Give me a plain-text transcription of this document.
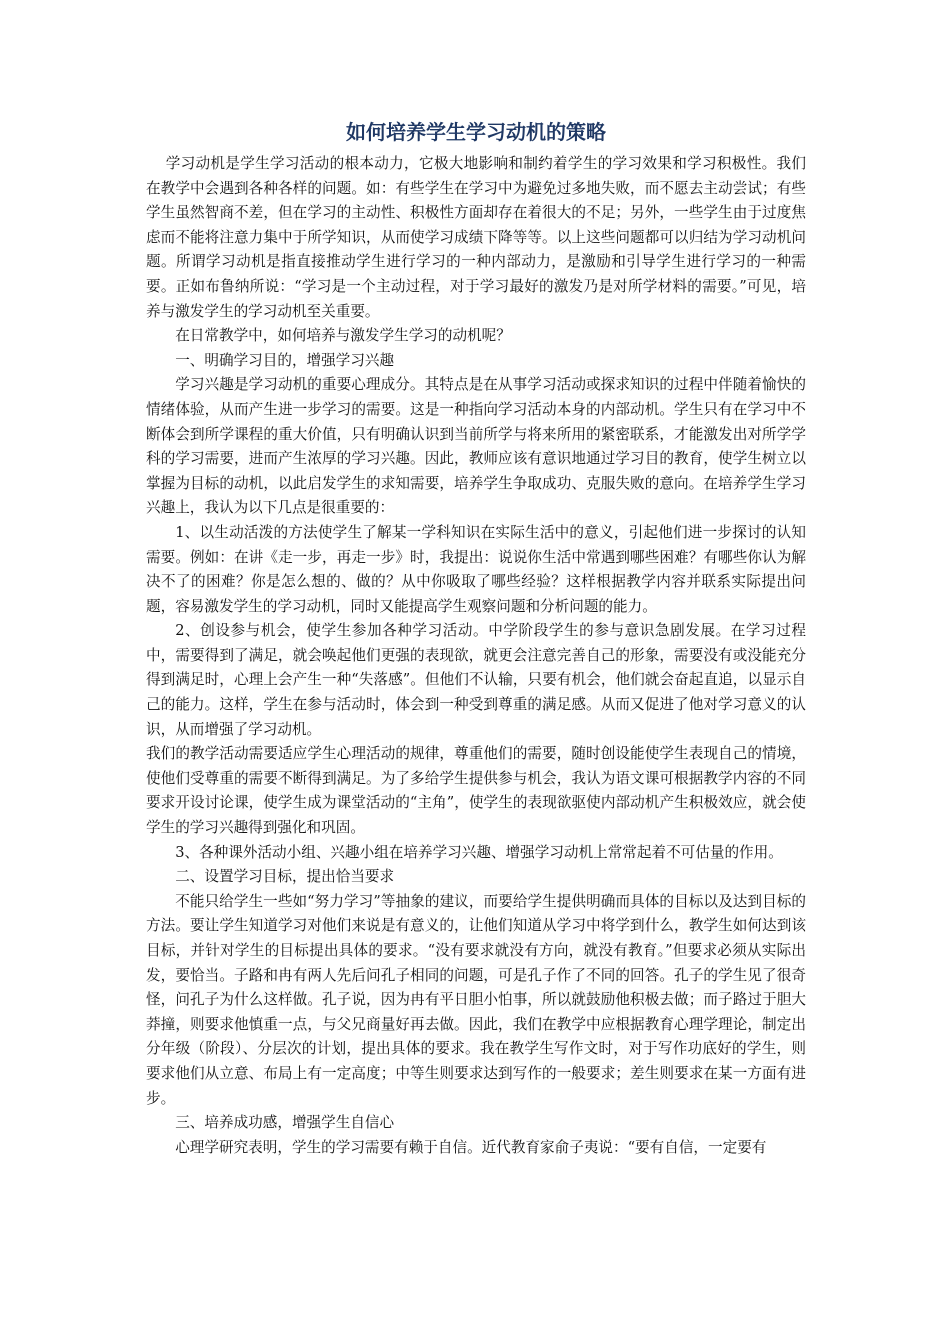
如何培养学生学习动机的策略

学习动机是学生学习活动的根本动力，它极大地影响和制约着学生的学习效果和学习积极性。我们在教学中会遇到各种各样的问题。如：有些学生在学习中为避免过多地失败，而不愿去主动尝试；有些学生虽然智商不差，但在学习的主动性、积极性方面却存在着很大的不足；另外，一些学生由于过度焦虑而不能将注意力集中于所学知识，从而使学习成绩下降等等。以上这些问题都可以归结为学习动机问题。所谓学习动机是指直接推动学生进行学习的一种内部动力，是激励和引导学生进行学习的一种需要。正如布鲁纳所说：“学习是一个主动过程，对于学习最好的激发乃是对所学材料的需要。”可见，培养与激发学生的学习动机至关重要。

在日常教学中，如何培养与激发学生学习的动机呢？

一、明确学习目的，增强学习兴趣

学习兴趣是学习动机的重要心理成分。其特点是在从事学习活动或探求知识的过程中伴随着愉快的情绪体验，从而产生进一步学习的需要。这是一种指向学习活动本身的内部动机。学生只有在学习中不断体会到所学课程的重大价值，只有明确认识到当前所学与将来所用的紧密联系，才能激发出对所学学科的学习需要，进而产生浓厚的学习兴趣。因此，教师应该有意识地通过学习目的教育，使学生树立以掌握为目标的动机，以此启发学生的求知需要，培养学生争取成功、克服失败的意向。在培养学生学习兴趣上，我认为以下几点是很重要的：

1、以生动活泼的方法使学生了解某一学科知识在实际生活中的意义，引起他们进一步探讨的认知需要。例如：在讲《走一步，再走一步》时，我提出：说说你生活中常遇到哪些困难？有哪些你认为解决不了的困难？你是怎么想的、做的？从中你吸取了哪些经验？这样根据教学内容并联系实际提出问题，容易激发学生的学习动机，同时又能提高学生观察问题和分析问题的能力。

2、创设参与机会，使学生参加各种学习活动。中学阶段学生的参与意识急剧发展。在学习过程中，需要得到了满足，就会唤起他们更强的表现欲，就更会注意完善自己的形象，需要没有或没能充分得到满足时，心理上会产生一种“失落感”。但他们不认输，只要有机会，他们就会奋起直追，以显示自己的能力。这样，学生在参与活动时，体会到一种受到尊重的满足感。从而又促进了他对学习意义的认识，从而增强了学习动机。

我们的教学活动需要适应学生心理活动的规律，尊重他们的需要，随时创设能使学生表现自己的情境，使他们受尊重的需要不断得到满足。为了多给学生提供参与机会，我认为语文课可根据教学内容的不同要求开设讨论课，使学生成为课堂活动的“主角”，使学生的表现欲驱使内部动机产生积极效应，就会使学生的学习兴趣得到强化和巩固。

3、各种课外活动小组、兴趣小组在培养学习兴趣、增强学习动机上常常起着不可估量的作用。

二、设置学习目标，提出恰当要求

不能只给学生一些如“努力学习”等抽象的建议，而要给学生提供明确而具体的目标以及达到目标的方法。要让学生知道学习对他们来说是有意义的，让他们知道从学习中将学到什么，教学生如何达到该目标，并针对学生的目标提出具体的要求。“没有要求就没有方向，就没有教育。”但要求必须从实际出发，要恰当。子路和冉有两人先后问孔子相同的问题，可是孔子作了不同的回答。孔子的学生见了很奇怪，问孔子为什么这样做。孔子说，因为冉有平日胆小怕事，所以就鼓励他积极去做；而子路过于胆大莽撞，则要求他慎重一点，与父兄商量好再去做。因此，我们在教学中应根据教育心理学理论，制定出分年级（阶段）、分层次的计划，提出具体的要求。我在教学生写作文时，对于写作功底好的学生，则要求他们从立意、布局上有一定高度；中等生则要求达到写作的一般要求；差生则要求在某一方面有进步。

三、培养成功感，增强学生自信心

心理学研究表明，学生的学习需要有赖于自信。近代教育家俞子夷说：“要有自信，一定要有
